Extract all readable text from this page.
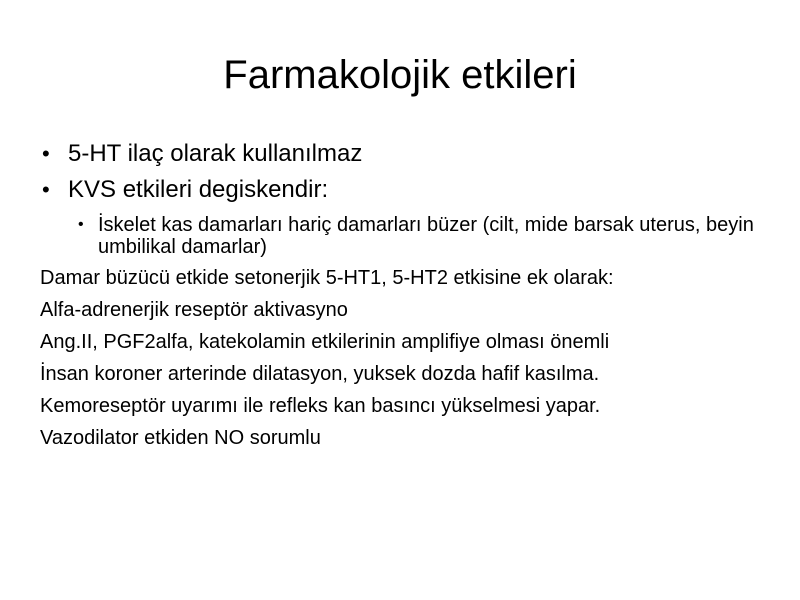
Farmakolojik etkileri
• 5-HT ilaç olarak kullanılmaz
• KVS etkileri degiskendir:
• İskelet kas damarları hariç damarları büzer (cilt, mide barsak uterus, beyin umbilikal damarlar)
Damar büzücü etkide setonerjik 5-HT1, 5-HT2 etkisine ek olarak:
Alfa-adrenerjik reseptör aktivasyno
Ang.II, PGF2alfa, katekolamin etkilerinin amplifiye olması önemli
İnsan koroner arterinde dilatasyon, yuksek dozda hafif kasılma.
Kemoreseptör uyarımı ile refleks kan basıncı yükselmesi yapar.
Vazodilator etkiden NO sorumlu
